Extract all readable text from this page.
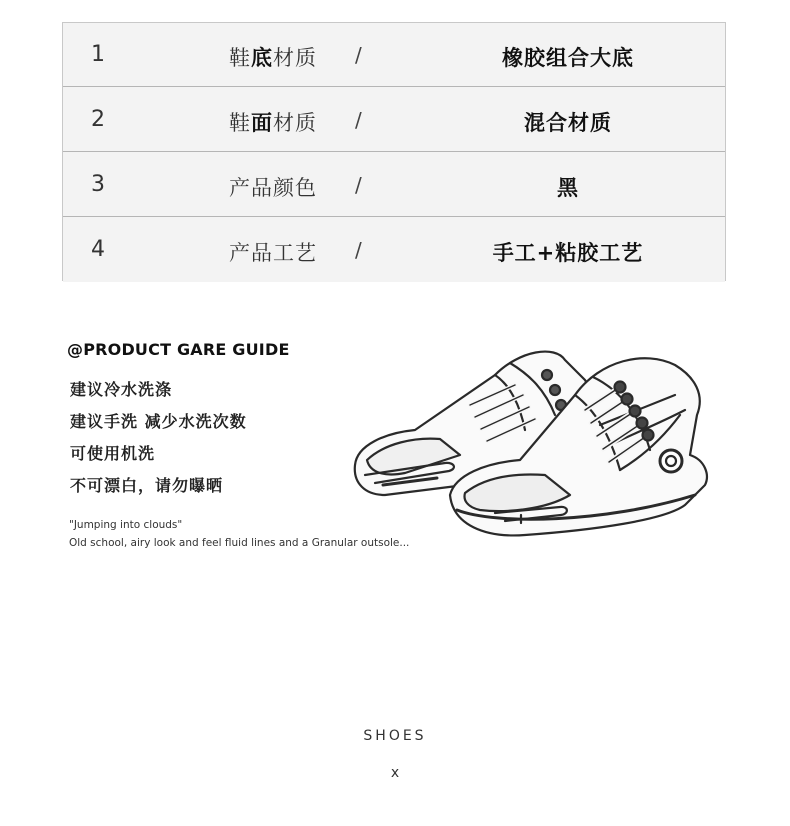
1	鞋底材质 /	橡胶组合大底
2	鞋面材质 /	混合材质
3	产品颜色 /	黑
4	产品工艺 /	手工+粘胶工艺
@PRODUCT GARE GUIDE
建议冷水洗涤
建议手洗 减少水洗次数
可使用机洗
不可漂白，请勿曝晒
"Jumping into clouds"
Old school, airy look and feel fluid lines and a Granular outsole...
SHOES
x
